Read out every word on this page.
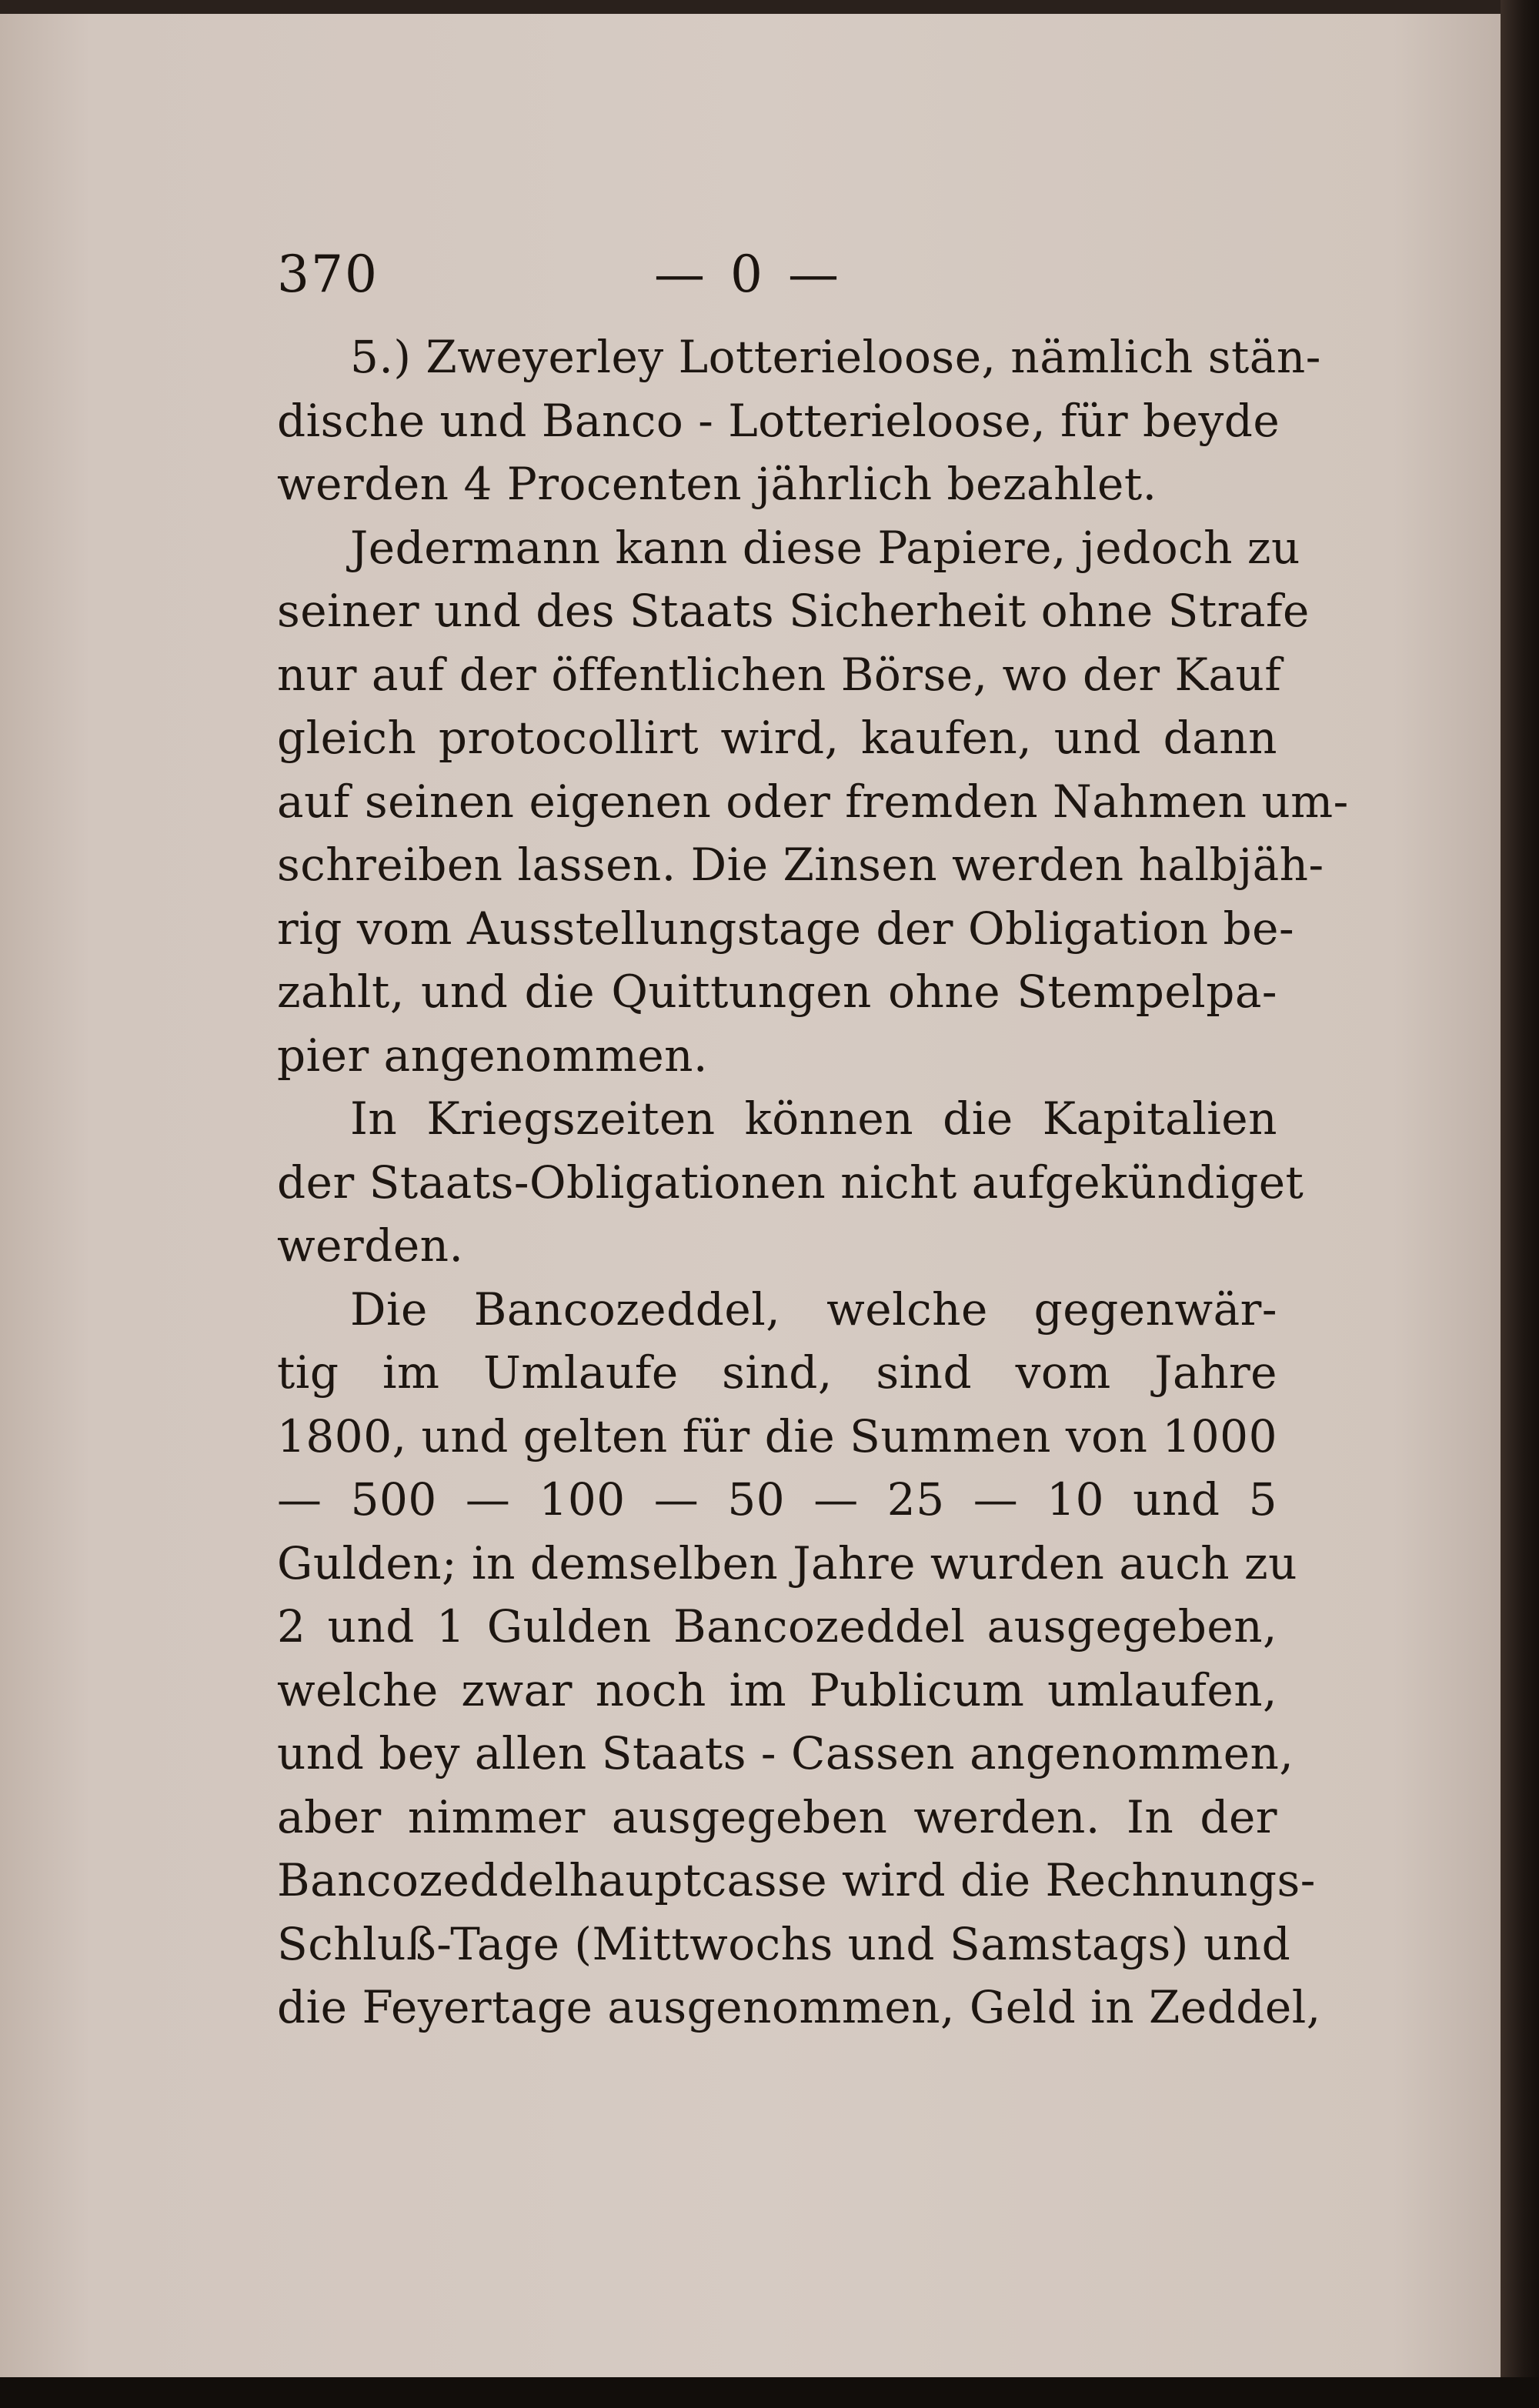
370	— 0 —
5.) Zweyerley Lotterieloose, nämlich stän-
dische und Banco - Lotterieloose, für beyde
werden 4 Procenten jährlich bezahlet.
Jedermann kann diese Papiere, jedoch zu
seiner und des Staats Sicherheit ohne Strafe
nur auf der öffentlichen Börse, wo der Kauf
gleich protocollirt wird, kaufen, und dann
auf seinen eigenen oder fremden Nahmen um-
schreiben lassen. Die Zinsen werden halbjäh-
rig vom Ausstellungstage der Obligation be-
zahlt, und die Quittungen ohne Stempelpa-
pier angenommen.
In Kriegszeiten können die Kapitalien
der Staats-Obligationen nicht aufgekündiget
werden.
Die Bancozeddel, welche gegenwär-
tig im Umlaufe sind, sind vom Jahre
1800, und gelten für die Summen von 1000
— 500 — 100 — 50 — 25 — 10 und 5
Gulden; in demselben Jahre wurden auch zu
2 und 1 Gulden Bancozeddel ausgegeben,
welche zwar noch im Publicum umlaufen,
und bey allen Staats - Cassen angenommen,
aber nimmer ausgegeben werden. In der
Bancozeddelhauptcasse wird die Rechnungs-
Schluß-Tage (Mittwochs und Samstags) und
die Feyertage ausgenommen, Geld in Zeddel,
